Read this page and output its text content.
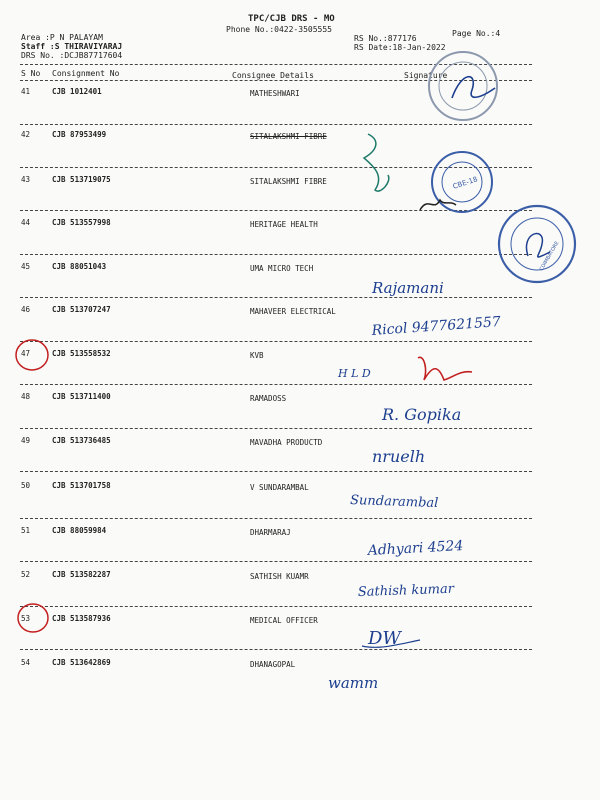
TPC/CJB DRS - MO
Phone No.:0422-3505555
Area :P N PALAYAM
Staff :S THIRAVIYARAJ
DRS No. :DCJB87717604
RS No.:877176
RS Date:18-Jan-2022
Page No.:4
S No Consignment No	Consignee Details	Signature
41	CJB 1012401	MATHESHWARI
42	CJB 87953499	SITALAKSHMI FIBRE
43	CJB 513719075	SITALAKSHMI FIBRE
44	CJB 513557998	HERITAGE HEALTH
45	CJB 88051043	UMA MICRO TECH
46	CJB 513707247	MAHAVEER ELECTRICAL
47	CJB 513558532	KVB
48	CJB 513711400	RAMADOSS
49	CJB 513736485	MAVADHA PRODUCTD
50	CJB 513701758	V SUNDARAMBAL
51	CJB 88059984	DHARMARAJ
52	CJB 513582287	SATHISH KUAMR
53	CJB 513587936	MEDICAL OFFICER
54	CJB 513642869	DHANAGOPAL
CBE-18
COIMBATORE
Rajamani
Ricol 9477621557
H L D
R. Gopika
nruelh
Sundarambal
Adhyari 4524
Sathish kumar
DW
wamm
